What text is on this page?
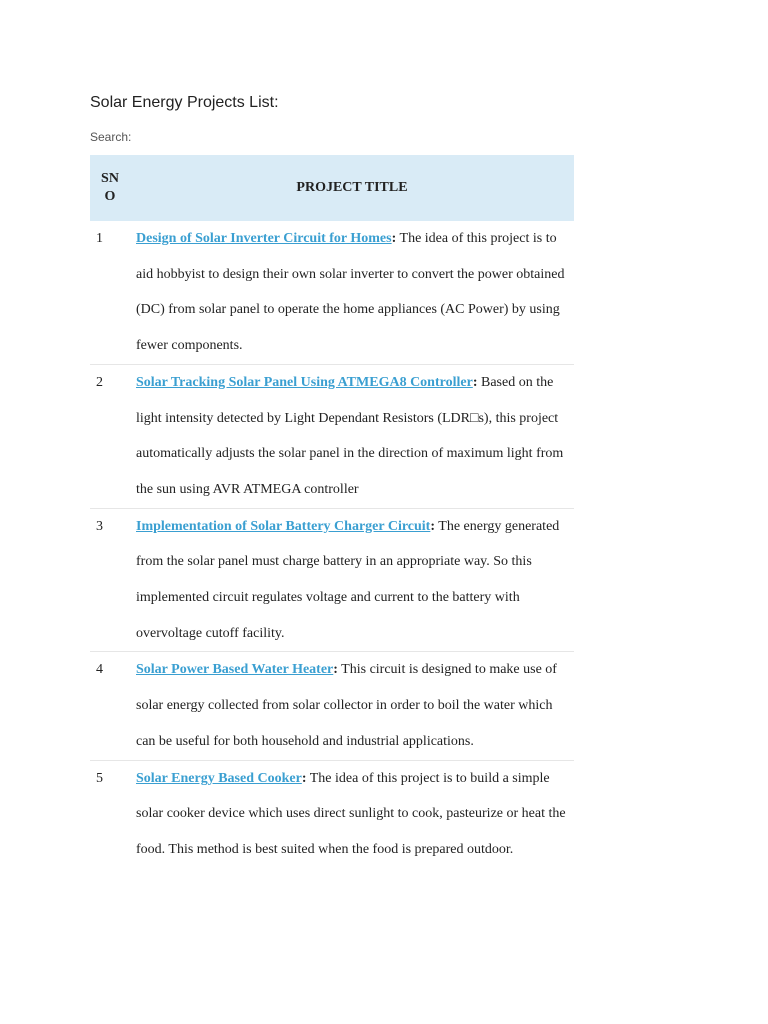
Solar Energy Projects List:
Search:
SN
O	PROJECT TITLE
1	Design of Solar Inverter Circuit for Homes: The idea of this project is to aid hobbyist to design their own solar inverter to convert the power obtained (DC) from solar panel to operate the home appliances (AC Power) by using fewer components.
2	Solar Tracking Solar Panel Using ATMEGA8 Controller: Based on the light intensity detected by Light Dependant Resistors (LDR□s), this project automatically adjusts the solar panel in the direction of maximum light from the sun using AVR ATMEGA controller
3	Implementation of Solar Battery Charger Circuit: The energy generated from the solar panel must charge battery in an appropriate way. So this implemented circuit regulates voltage and current to the battery with overvoltage cutoff facility.
4	Solar Power Based Water Heater: This circuit is designed to make use of solar energy collected from solar collector in order to boil the water which can be useful for both household and industrial applications.
5	Solar Energy Based Cooker: The idea of this project is to build a simple solar cooker device which uses direct sunlight to cook, pasteurize or heat the food. This method is best suited when the food is prepared outdoor.
